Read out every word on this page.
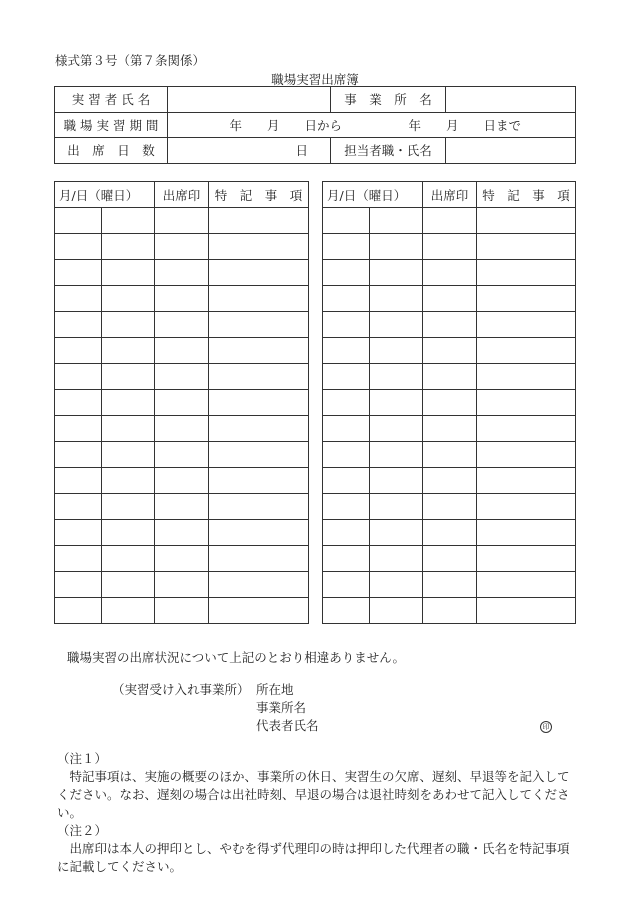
様式第３号（第７条関係）
職場実習出席簿
実 習 者 氏 名		事　業　所　名	
職 場 実 習 期 間	年　　月　　日から 年　　月　　日まで		
出　席　日　数	日	担当者職・氏名	
月/日（曜日）		出席印	特　記　事　項

			月/日（曜日）		出席印	特　記　事　項

職場実習の出席状況について上記のとおり相違ありません。
（実習受け入れ事業所） 所在地
事業所名
代表者氏名	印

（注１）

特記事項は、実施の概要のほか、事業所の休日、実習生の欠席、遅刻、早退等を記入してください。なお、遅刻の場合は出社時刻、早退の場合は退社時刻をあわせて記入してください。

（注２）

出席印は本人の押印とし、やむを得ず代理印の時は押印した代理者の職・氏名を特記事項に記載してください。
